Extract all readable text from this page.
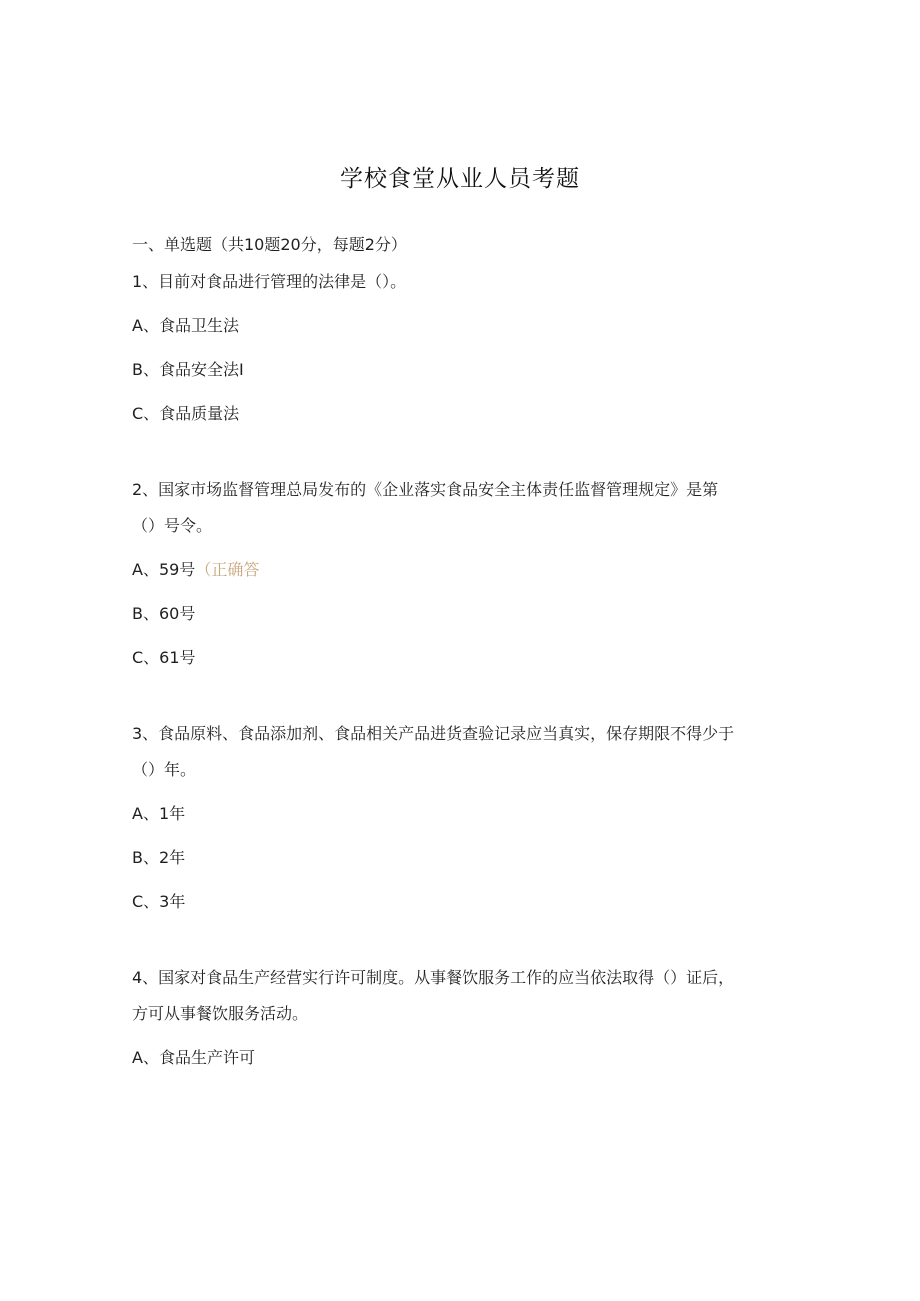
学校食堂从业人员考题
一、单选题（共10题20分，每题2分）
1、目前对食品进行管理的法律是（）。
A、食品卫生法
B、食品安全法I
C、食品质量法
2、国家市场监督管理总局发布的《企业落实食品安全主体责任监督管理规定》是第
（）号令。
A、59号（正确答
B、60号
C、61号
3、食品原料、食品添加剂、食品相关产品进货查验记录应当真实，保存期限不得少于
（）年。
A、1年
B、2年
C、3年
4、国家对食品生产经营实行许可制度。从事餐饮服务工作的应当依法取得（）证后，
方可从事餐饮服务活动。
A、食品生产许可
